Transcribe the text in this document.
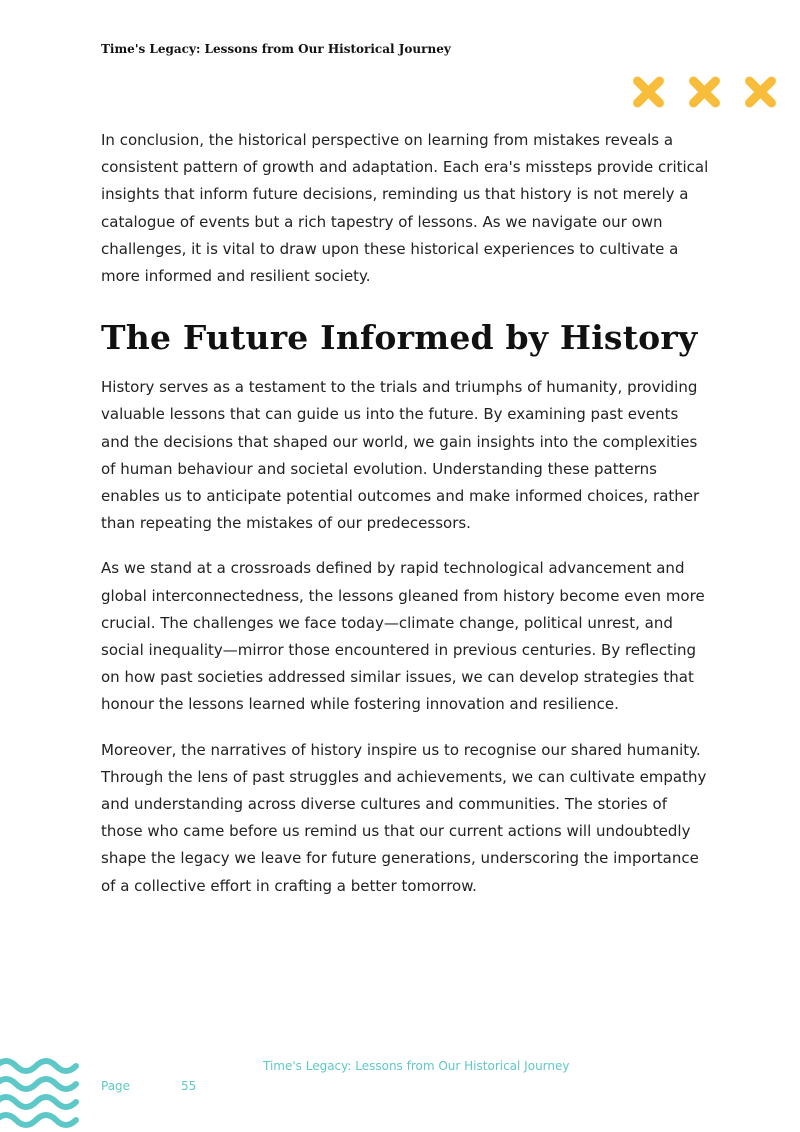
Time's Legacy: Lessons from Our Historical Journey

In conclusion, the historical perspective on learning from mistakes reveals a consistent pattern of growth and adaptation. Each era's missteps provide critical insights that inform future decisions, reminding us that history is not merely a catalogue of events but a rich tapestry of lessons. As we navigate our own challenges, it is vital to draw upon these historical experiences to cultivate a more informed and resilient society.

The Future Informed by History

History serves as a testament to the trials and triumphs of humanity, providing valuable lessons that can guide us into the future. By examining past events and the decisions that shaped our world, we gain insights into the complexities of human behaviour and societal evolution. Understanding these patterns enables us to anticipate potential outcomes and make informed choices, rather than repeating the mistakes of our predecessors.

As we stand at a crossroads defined by rapid technological advancement and global interconnectedness, the lessons gleaned from history become even more crucial. The challenges we face today—climate change, political unrest, and social inequality—mirror those encountered in previous centuries. By reflecting on how past societies addressed similar issues, we can develop strategies that honour the lessons learned while fostering innovation and resilience.

Moreover, the narratives of history inspire us to recognise our shared humanity. Through the lens of past struggles and achievements, we can cultivate empathy and understanding across diverse cultures and communities. The stories of those who came before us remind us that our current actions will undoubtedly shape the legacy we leave for future generations, underscoring the importance of a collective effort in crafting a better tomorrow.

Time's Legacy: Lessons from Our Historical Journey
Page	55
